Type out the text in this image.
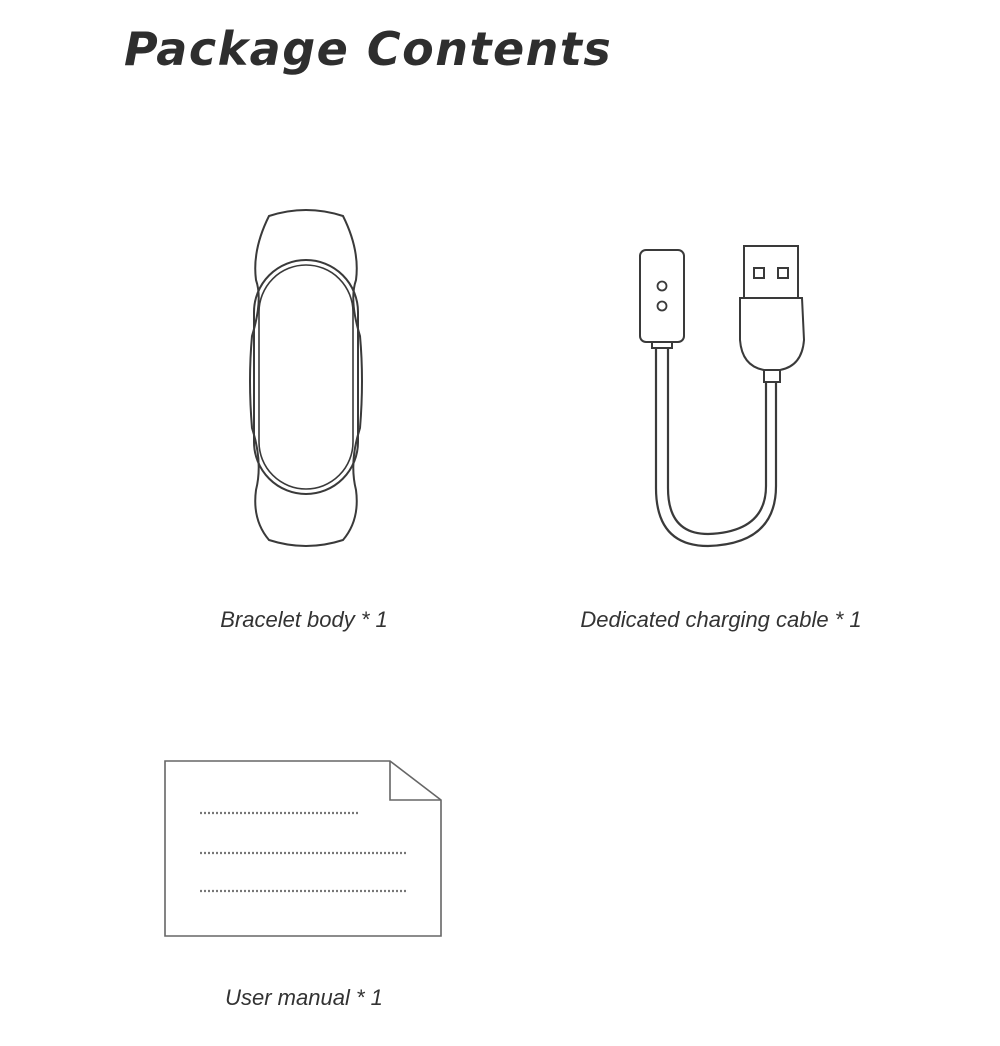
Package Contents
Bracelet body * 1	Dedicated charging cable * 1
User manual * 1
